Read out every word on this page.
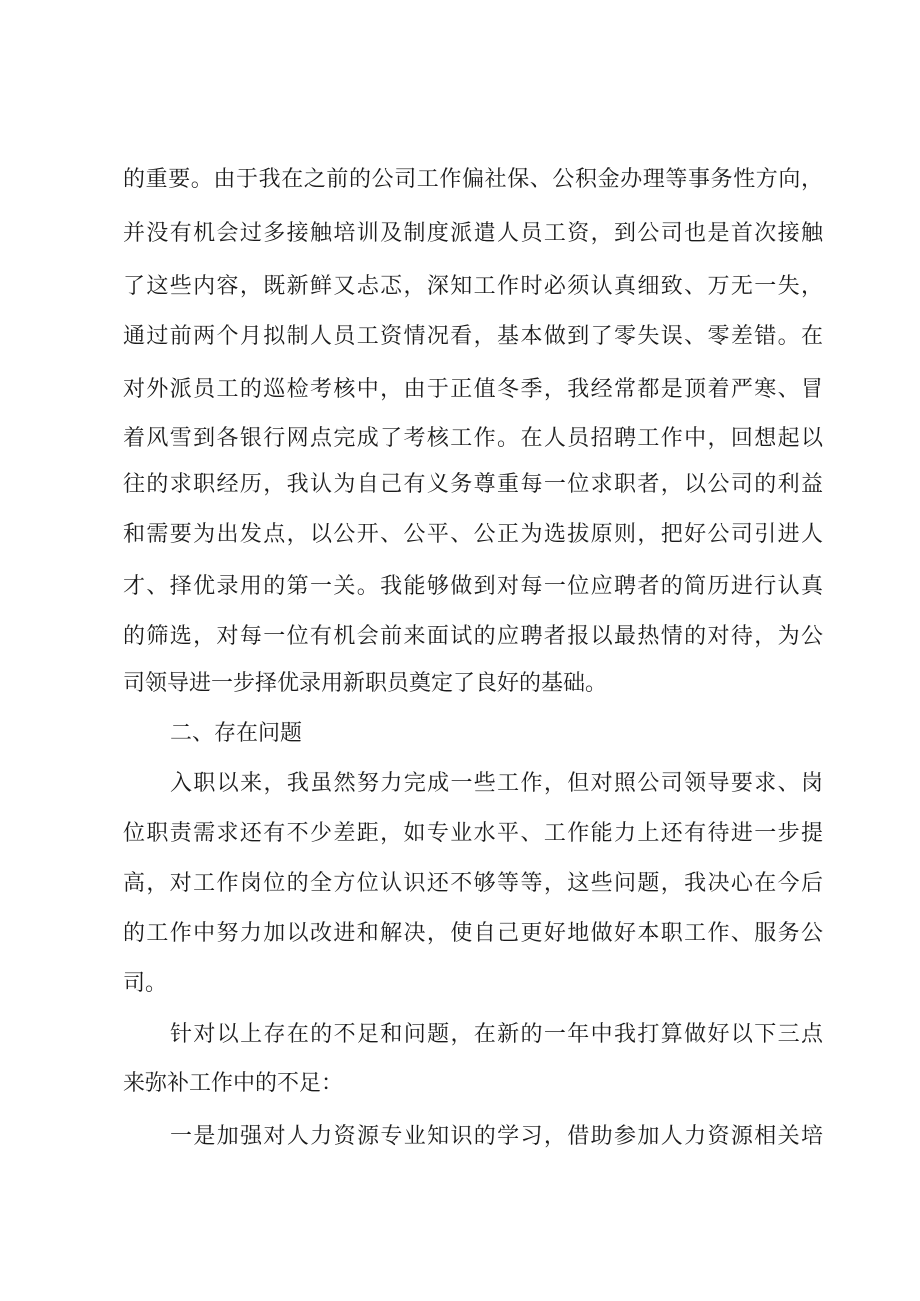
的重要。由于我在之前的公司工作偏社保、公积金办理等事务性方向，
并没有机会过多接触培训及制度派遣人员工资，到公司也是首次接触
了这些内容，既新鲜又忐忑，深知工作时必须认真细致、万无一失，
通过前两个月拟制人员工资情况看，基本做到了零失误、零差错。在
对外派员工的巡检考核中，由于正值冬季，我经常都是顶着严寒、冒
着风雪到各银行网点完成了考核工作。在人员招聘工作中，回想起以
往的求职经历，我认为自己有义务尊重每一位求职者，以公司的利益
和需要为出发点，以公开、公平、公正为选拔原则，把好公司引进人
才、择优录用的第一关。我能够做到对每一位应聘者的简历进行认真
的筛选，对每一位有机会前来面试的应聘者报以最热情的对待，为公
司领导进一步择优录用新职员奠定了良好的基础。
二、存在问题
入职以来，我虽然努力完成一些工作，但对照公司领导要求、岗
位职责需求还有不少差距，如专业水平、工作能力上还有待进一步提
高，对工作岗位的全方位认识还不够等等，这些问题，我决心在今后
的工作中努力加以改进和解决，使自己更好地做好本职工作、服务公
司。
针对以上存在的不足和问题，在新的一年中我打算做好以下三点
来弥补工作中的不足：
一是加强对人力资源专业知识的学习，借助参加人力资源相关培
